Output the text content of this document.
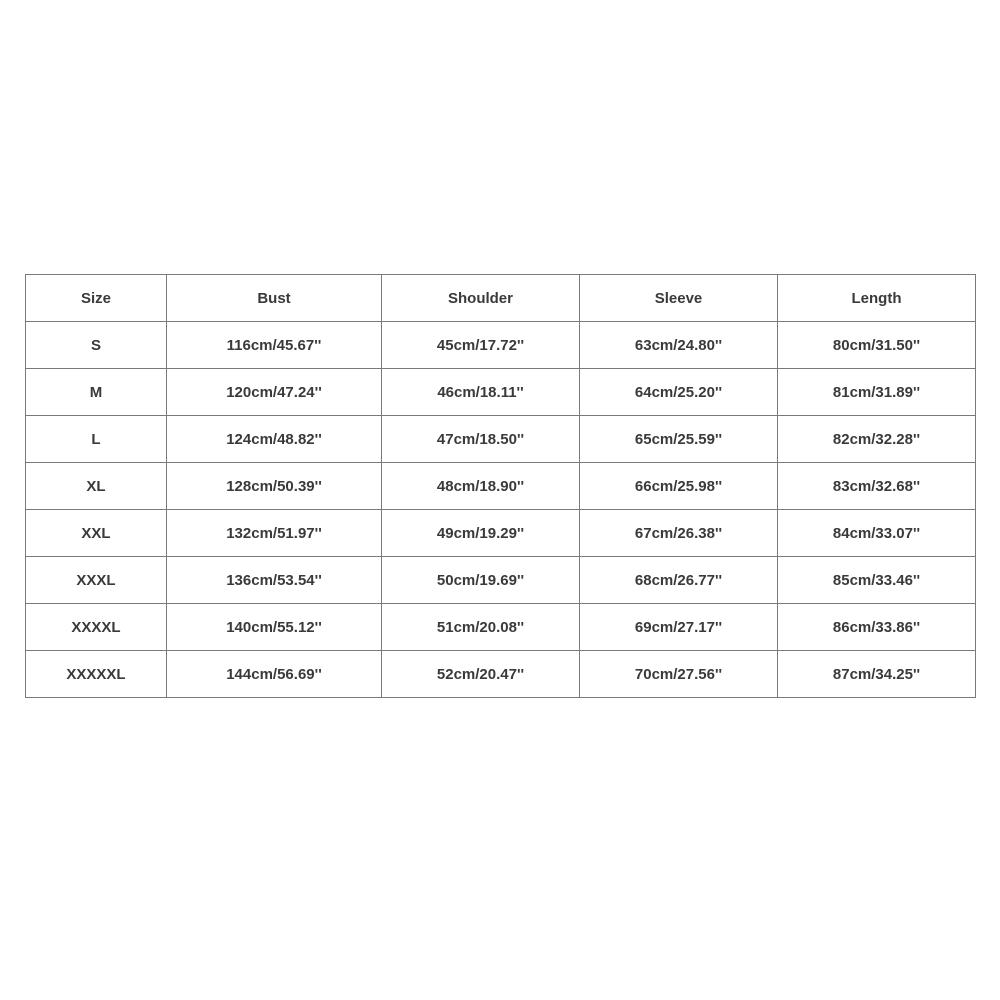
Size	Bust	Shoulder	Sleeve	Length
S	116cm/45.67''	45cm/17.72''	63cm/24.80''	80cm/31.50''
M	120cm/47.24''	46cm/18.11''	64cm/25.20''	81cm/31.89''
L	124cm/48.82''	47cm/18.50''	65cm/25.59''	82cm/32.28''
XL	128cm/50.39''	48cm/18.90''	66cm/25.98''	83cm/32.68''
XXL	132cm/51.97''	49cm/19.29''	67cm/26.38''	84cm/33.07''
XXXL	136cm/53.54''	50cm/19.69''	68cm/26.77''	85cm/33.46''
XXXXL	140cm/55.12''	51cm/20.08''	69cm/27.17''	86cm/33.86''
XXXXXL	144cm/56.69''	52cm/20.47''	70cm/27.56''	87cm/34.25''
